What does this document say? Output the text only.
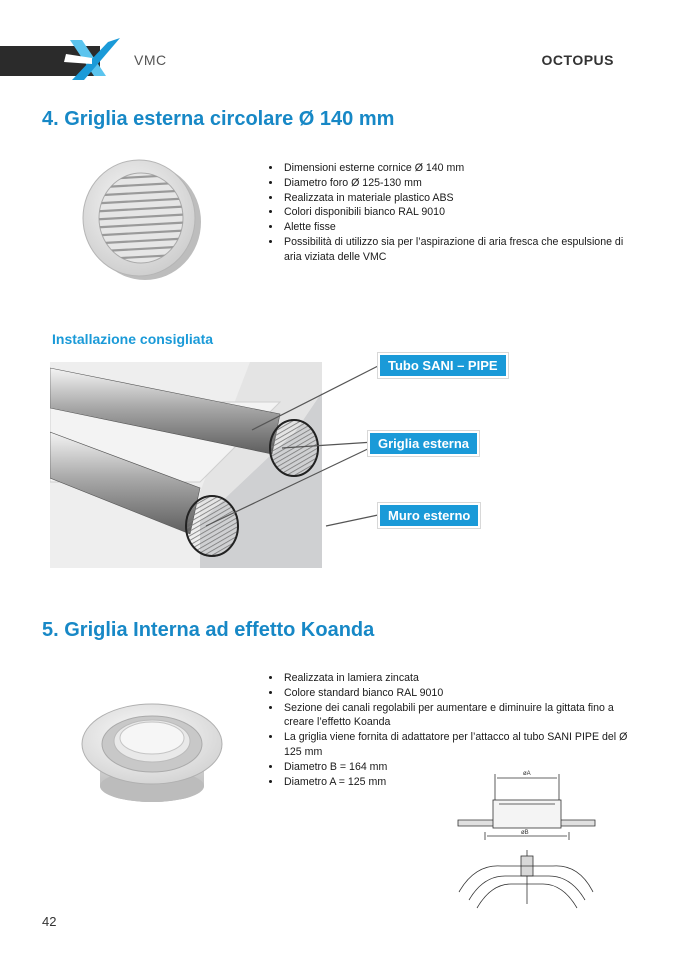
VMC	OCTOPUS
4. Griglia esterna circolare Ø 140 mm
• Dimensioni esterne cornice Ø 140 mm
• Diametro foro Ø 125-130 mm
• Realizzata in materiale plastico ABS
• Colori disponibili bianco RAL 9010
• Alette fisse
• Possibilità di utilizzo sia per l’aspirazione di aria fresca che espulsione di aria viziata delle VMC
Installazione consigliata
Tubo SANI – PIPE
Griglia esterna
Muro esterno
5. Griglia Interna ad effetto Koanda
• Realizzata in lamiera zincata
• Colore standard bianco RAL 9010
• Sezione dei canali regolabili per aumentare e diminuire la gittata fino a creare l’effetto Koanda
• La griglia viene fornita di adattatore per l’attacco al tubo SANI PIPE del Ø 125 mm
• Diametro B = 164 mm
• Diametro A = 125 mm
øA
øB
42
